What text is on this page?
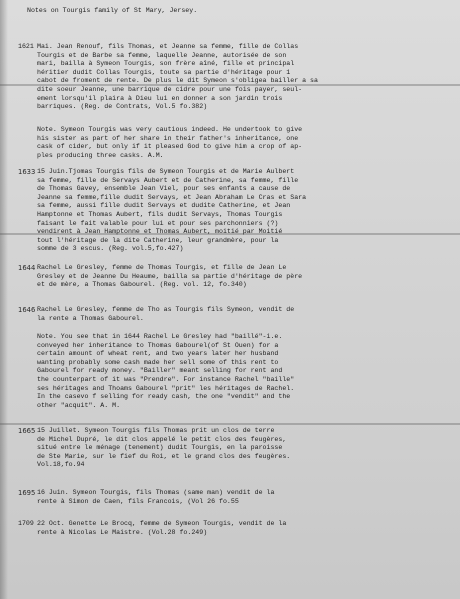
Notes on Tourgis family of St Mary, Jersey.
1621 Mai. Jean Renouf, fils Thomas, et Jeanne sa femme, fille de Collas
Tourgis et de Barbe sa femme, laquelle Jeanne, autorisée de son
mari, bailla à Symeon Tourgis, son frère aîné, fille et principal
héritier dudit Collas Tourgis, toute sa partie d'héritage pour 1
cabot de froment de rente. De plus le dit Symeon s'obligea bailler a sa
dite soeur Jeanne, une barrique de cidre pour une fois payer, seul-
ement lorsqu'il plaira à Dieu lui en donner a son jardin trois
barriques. (Reg. de Contrats, Vol.5 fo.382)
Note. Symeon Tourgis was very cautious indeed. He undertook to give
his sister as part of her share in their father's inheritance, one
cask of cider, but only if it pleased God to give him a crop of ap-
ples producing three casks. A.M.
1633 15 Juin.Tjomas Tourgis fils de Symeon Tourgis et de Marie Aulbert
sa femme, fille de Servays Aubert et de Catherine, sa femme, fille
de Thomas Gavey, ensemble Jean Viel, pour ses enfants a cause de
Jeanne sa femme,fille dudit Servays, et Jean Abraham Le Cras et Sara
sa femme, aussi fille dudit Servays et dudite Catherine, et Jean
Hamptonne et Thomas Aubert, fils dudit Servays, Thomas Tourgis
faisant le fait valable pour lui et pour ses parchonniers (?)
vendirent à Jean Hamptonne et Thomas Aubert, moitié par Moitié
tout l'héritage de la dite Catherine, leur grandmère, pour la
somme de 3 escus. (Reg. vol.5,fo.427)
1644 Rachel Le Gresley, femme de Thomas Tourgis, et fille de Jean Le
Gresley et de Jeanne Du Heaume, bailla sa partie d'héritage de père
et de mère, a Thomas Gabourel. (Reg. vol. 12, fo.340)
1646 Rachel Le Gresley, femme de Tho as Tourgis fils Symeon, vendit de
la rente a Thomas Gabourel.
Note. You see that in 1644 Rachel Le Gresley had "baillé"-i.e.
conveyed her inheritance to Thomas Gabourel(of St Ouen) for a
certain amount of wheat rent, and two years later her husband
wanting probably some cash made her sell some of this rent to
Gabourel for ready money. "Bailler" meant selling for rent and
the counterpart of it was "Prendre". For instance Rachel "baille"
ses héritages and Thoams Gabourel "prit" les héritages de Rachel.
In the casevo f selling for ready cash, the one "vendit" and the
other "acquit". A. M.
1665 15 Juillet. Symeon Tourgis fils Thomas prit un clos de terre
de Michel Dupré, le dit clos appelé le petit clos des feugères,
situé entre le ménage (tenement) dudit Tourgis, en la paroisse
de Ste Marie, sur le fief du Roi, et le grand clos des feugères.
Vol.18,fo.94
1695 16 Juin. Symeon Tourgis, fils Thomas (same man) vendit de la
rente à Simon de Caen, fils Francois, (Vol 26 fo.55
1709 22 Oct. Genette Le Brocq, femme de Symeon Tourgis, vendit de la
rente à Nicolas Le Maistre. (Vol.28 fo.249)
